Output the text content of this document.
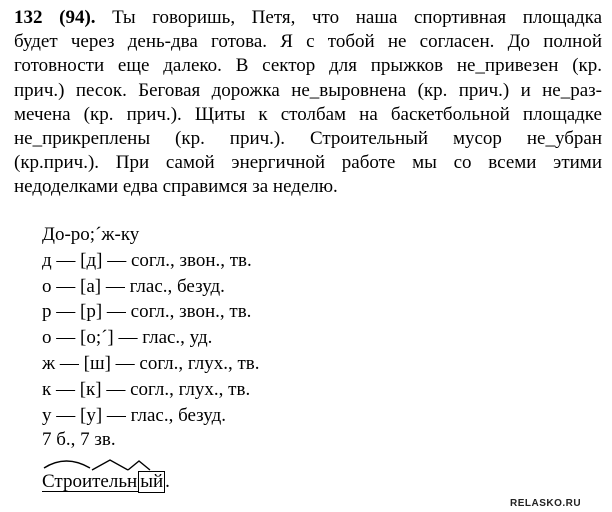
132 (94). Ты говоришь, Петя, что наша спортивная площадка
будет через день-два готова. Я с тобой не согласен. До полной
готовности еще далеко. В сектор для прыжков не_привезен (кр.
прич.) песок. Беговая дорожка не_выровнена (кр. прич.) и не_раз-
мечена (кр. прич.). Щиты к столбам на баскетбольной площадке
не_прикреплены (кр. прич.). Строительный мусор не_убран
(кр.прич.). При самой энергичной работе мы со всеми этими
недоделками едва справимся за неделю.
До-ро;´ж-ку
д — [д] — согл., звон., тв.
о — [а] — глас., безуд.
р — [р] — согл., звон., тв.
о — [о;´] — глас., уд.
ж — [ш] — согл., глух., тв.
к — [к] — согл., глух., тв.
у — [у] — глас., безуд.
7 б., 7 зв.
Строительн ый .
RELASKO.RU
